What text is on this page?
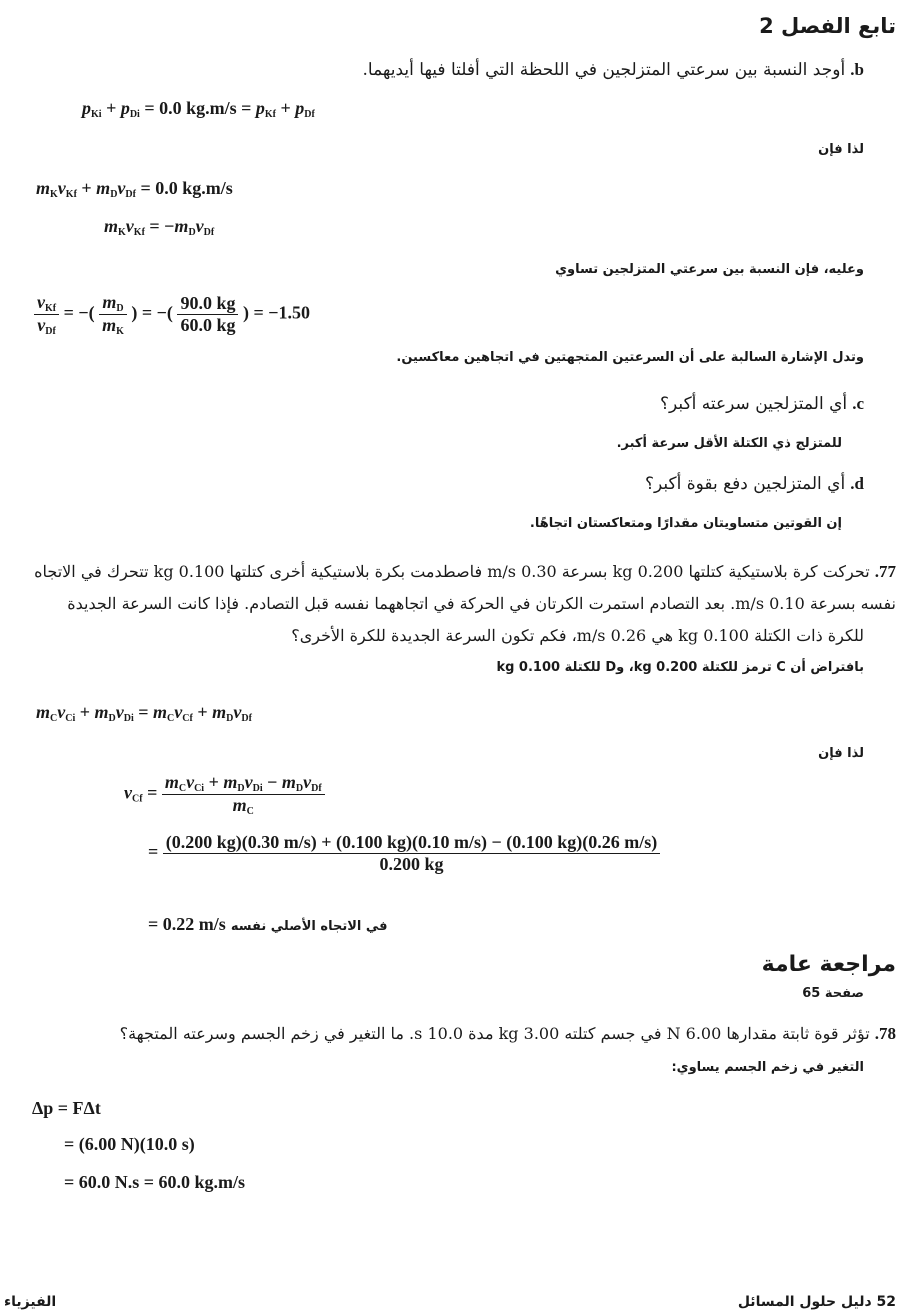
تابع الفصل 2
b. أوجد النسبة بين سرعتي المتزلجين في اللحظة التي أفلتا فيها أيديهما.
$p_{Ki} + p_{Di} = 0.0$ $kg.m/s = p_{Kf} + p_{Df}$
لذا فإن
$m_Kv_{Kf} + m_Dv_{Df} = 0.0$ kg.m/s
$m_Kv_{Kf} = -m_Dv_{Df}$
وعليه، فإن النسبة بين سرعتي المتزلجين تساوي
$\frac{v_{Kf}}{v_{Df}}$ = −( $\frac{m_D}{m_K}$ ) = −( $\frac{90.0 kg}{60.0 kg}$ ) = −1.50
وتدل الإشارة السالبة على أن السرعتين المتجهتين في اتجاهين معاكسين.
c. أي المتزلجين سرعته أكبر؟
للمتزلج ذي الكتلة الأقل سرعة أكبر.
d. أي المتزلجين دفع بقوة أكبر؟
إن القوتين متساويتان مقدارًا ومتعاكستان اتجاهًا.
77. تحركت كرة بلاستيكية كتلتها 0.200 kg بسرعة 0.30 m/s فاصطدمت بكرة بلاستيكية أخرى كتلتها 0.100 kg تتحرك في الاتجاه
نفسه بسرعة 0.10 m/s. بعد التصادم استمرت الكرتان في الحركة في اتجاههما نفسه قبل التصادم. فإذا كانت السرعة الجديدة
للكرة ذات الكتلة 0.100 kg هي 0.26 m/s، فكم تكون السرعة الجديدة للكرة الأخرى؟
بافتراض أن C ترمز للكتلة 0.200 kg، وD للكتلة 0.100 kg
$m_Cv_{Ci} + m_Dv_{Di} = m_Cv_{Cf} + m_Dv_{Df}$
لذا فإن
$v_{Cf} = \frac{m_Cv_{Ci} + m_Dv_{Di} - m_Dv_{Df}}{m_C}$
= (0.200 kg)(0.30 m/s) + (0.100 kg)(0.10 m/s) − (0.100 kg)(0.26 m/s)
0.200 kg
= 0.22 m/s في الاتجاه الأصلي نفسه
مراجعة عامة
صفحة 65
78. تؤثر قوة ثابتة مقدارها 6.00 N في جسم كتلته 3.00 kg مدة 10.0 s. ما التغير في زخم الجسم وسرعته المتجهة؟
التغير في زخم الجسم يساوي:
Δp = FΔt
= (6.00 N)(10.0 s)
= 60.0 N.s = 60.0 kg.m/s
الفيزياء	52 دليل حلول المسائل
